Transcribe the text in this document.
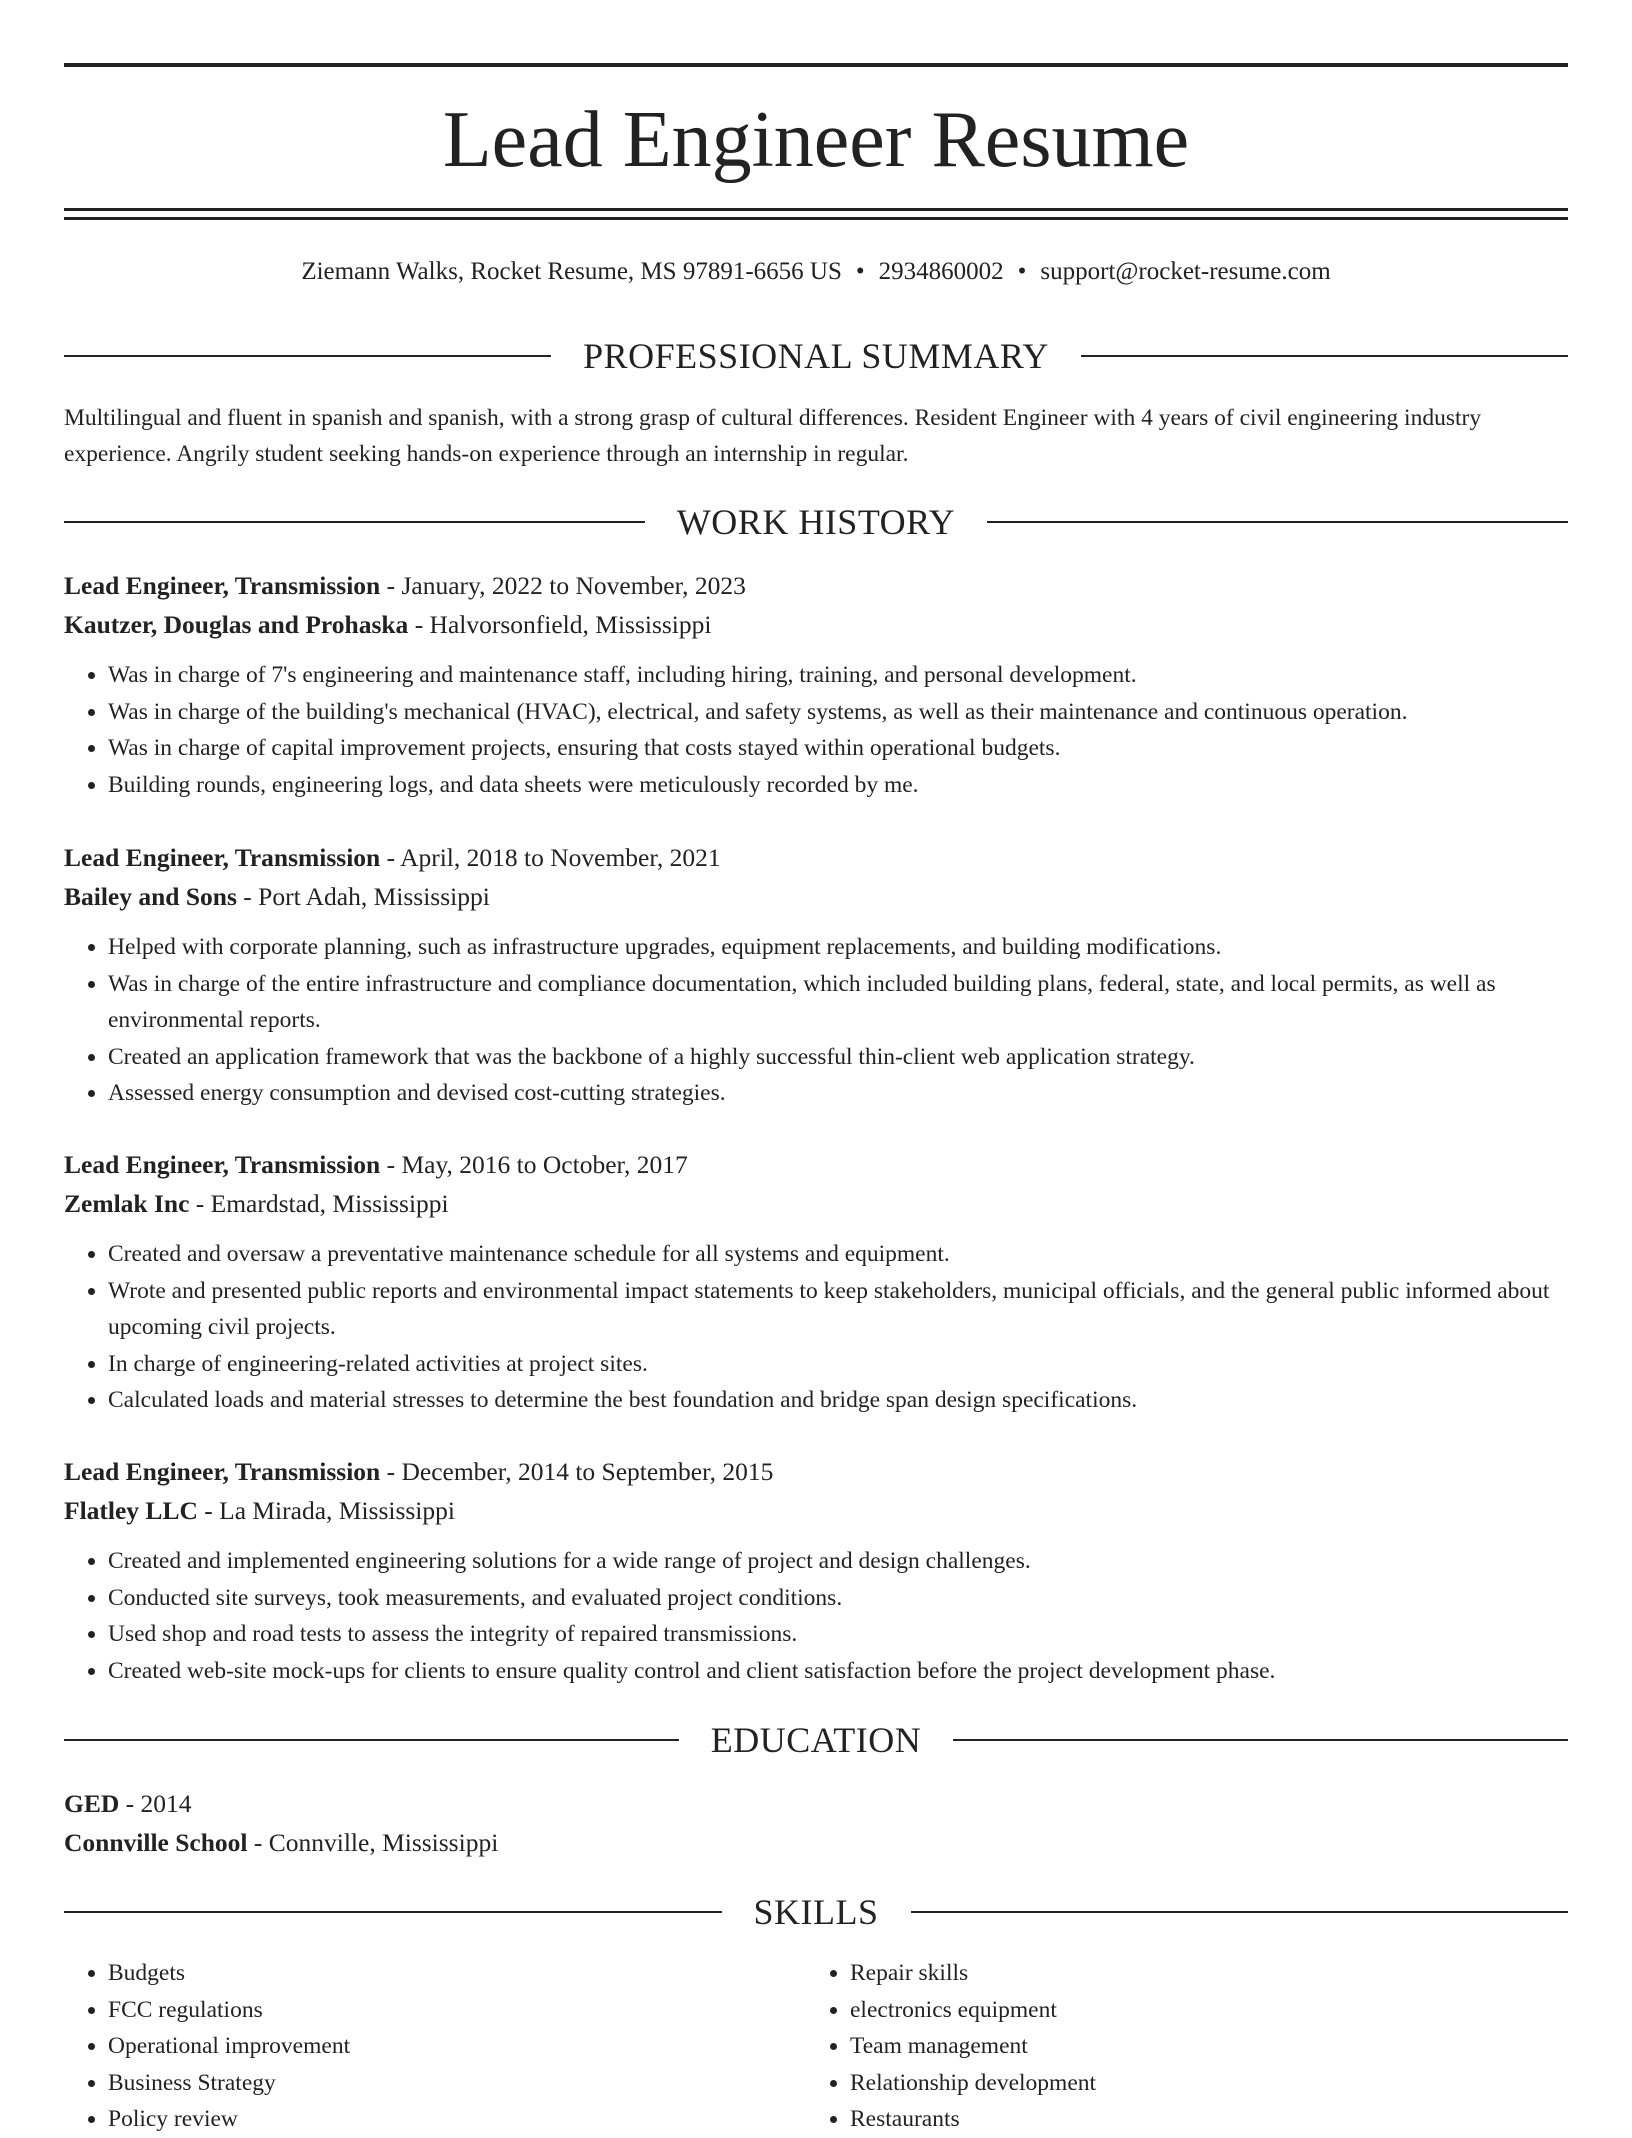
Lead Engineer Resume
Ziemann Walks, Rocket Resume, MS 97891-6656 US • 2934860002 • support@rocket-resume.com
PROFESSIONAL SUMMARY

Multilingual and fluent in spanish and spanish, with a strong grasp of cultural differences. Resident Engineer with 4 years of civil engineering industry experience. Angrily student seeking hands-on experience through an internship in regular.

WORK HISTORY
Lead Engineer, Transmission - January, 2022 to November, 2023
Kautzer, Douglas and Prohaska - Halvorsonfield, Mississippi
• Was in charge of 7's engineering and maintenance staff, including hiring, training, and personal development.
• Was in charge of the building's mechanical (HVAC), electrical, and safety systems, as well as their maintenance and continuous operation.
• Was in charge of capital improvement projects, ensuring that costs stayed within operational budgets.
• Building rounds, engineering logs, and data sheets were meticulously recorded by me.
Lead Engineer, Transmission - April, 2018 to November, 2021
Bailey and Sons - Port Adah, Mississippi
• Helped with corporate planning, such as infrastructure upgrades, equipment replacements, and building modifications.
• Was in charge of the entire infrastructure and compliance documentation, which included building plans, federal, state, and local permits, as well as environmental reports.
• Created an application framework that was the backbone of a highly successful thin-client web application strategy.
• Assessed energy consumption and devised cost-cutting strategies.
Lead Engineer, Transmission - May, 2016 to October, 2017
Zemlak Inc - Emardstad, Mississippi
• Created and oversaw a preventative maintenance schedule for all systems and equipment.
• Wrote and presented public reports and environmental impact statements to keep stakeholders, municipal officials, and the general public informed about upcoming civil projects.
• In charge of engineering-related activities at project sites.
• Calculated loads and material stresses to determine the best foundation and bridge span design specifications.
Lead Engineer, Transmission - December, 2014 to September, 2015
Flatley LLC - La Mirada, Mississippi
• Created and implemented engineering solutions for a wide range of project and design challenges.
• Conducted site surveys, took measurements, and evaluated project conditions.
• Used shop and road tests to assess the integrity of repaired transmissions.
• Created web-site mock-ups for clients to ensure quality control and client satisfaction before the project development phase.
EDUCATION
GED - 2014
Connville School - Connville, Mississippi
SKILLS
• Budgets
• FCC regulations
• Operational improvement
• Business Strategy
• Policy review
• Repair skills
• electronics equipment
• Team management
• Relationship development
• Restaurants
